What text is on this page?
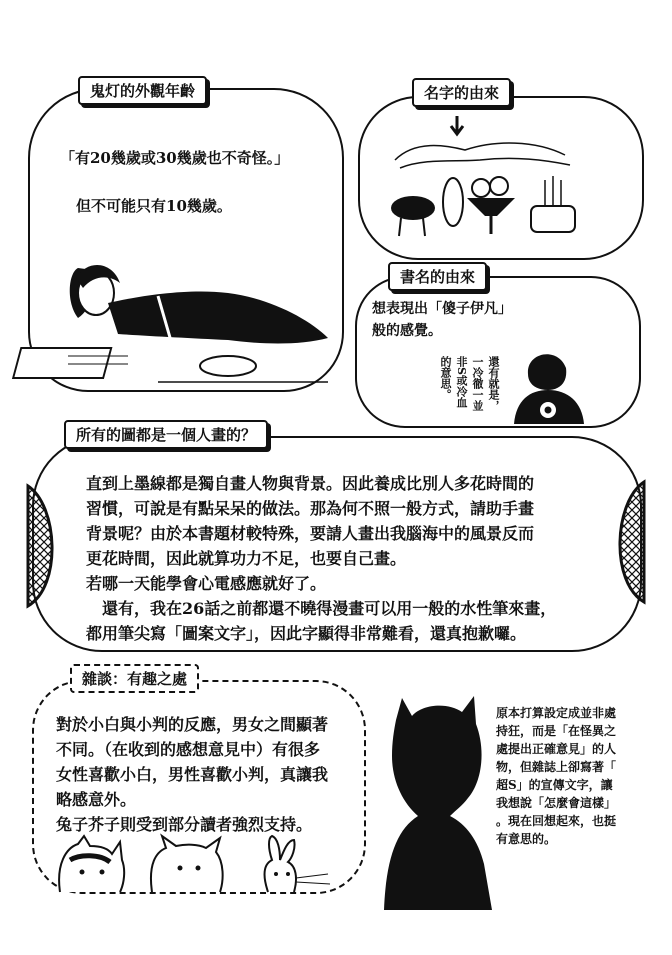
鬼灯的外觀年齡
「有20幾歲或30幾歲也不奇怪。」
但不可能只有10幾歲。
名字的由來
書名的由來
想表現出「傻子伊凡」
般的感覺。
還有就是，
一冷徹一並
非S或冷血
的意思。
所有的圖都是一個人畫的？
直到上墨線都是獨自畫人物與背景。因此養成比別人多花時間的
習慣，可說是有點呆呆的做法。那為何不照一般方式，請助手畫
背景呢？由於本書題材較特殊，要請人畫出我腦海中的風景反而
更花時間，因此就算功力不足，也要自己畫。
若哪一天能學會心電感應就好了。
　還有，我在26話之前都還不曉得漫畫可以用一般的水性筆來畫，
都用筆尖寫「圖案文字」，因此字顯得非常難看，還真抱歉囉。
雜談：有趣之處
對於小白與小判的反應，男女之間顯著
不同。（在收到的感想意見中）有很多
女性喜歡小白，男性喜歡小判，真讓我
略感意外。
兔子芥子則受到部分讀者強烈支持。
原本打算設定成並非處
持狂，而是「在怪異之
處提出正確意見」的人
物，但雜誌上卻寫著「
超S」的宣傳文字，讓
我想說「怎麼會這樣」
。現在回想起來，也挺
有意思的。
